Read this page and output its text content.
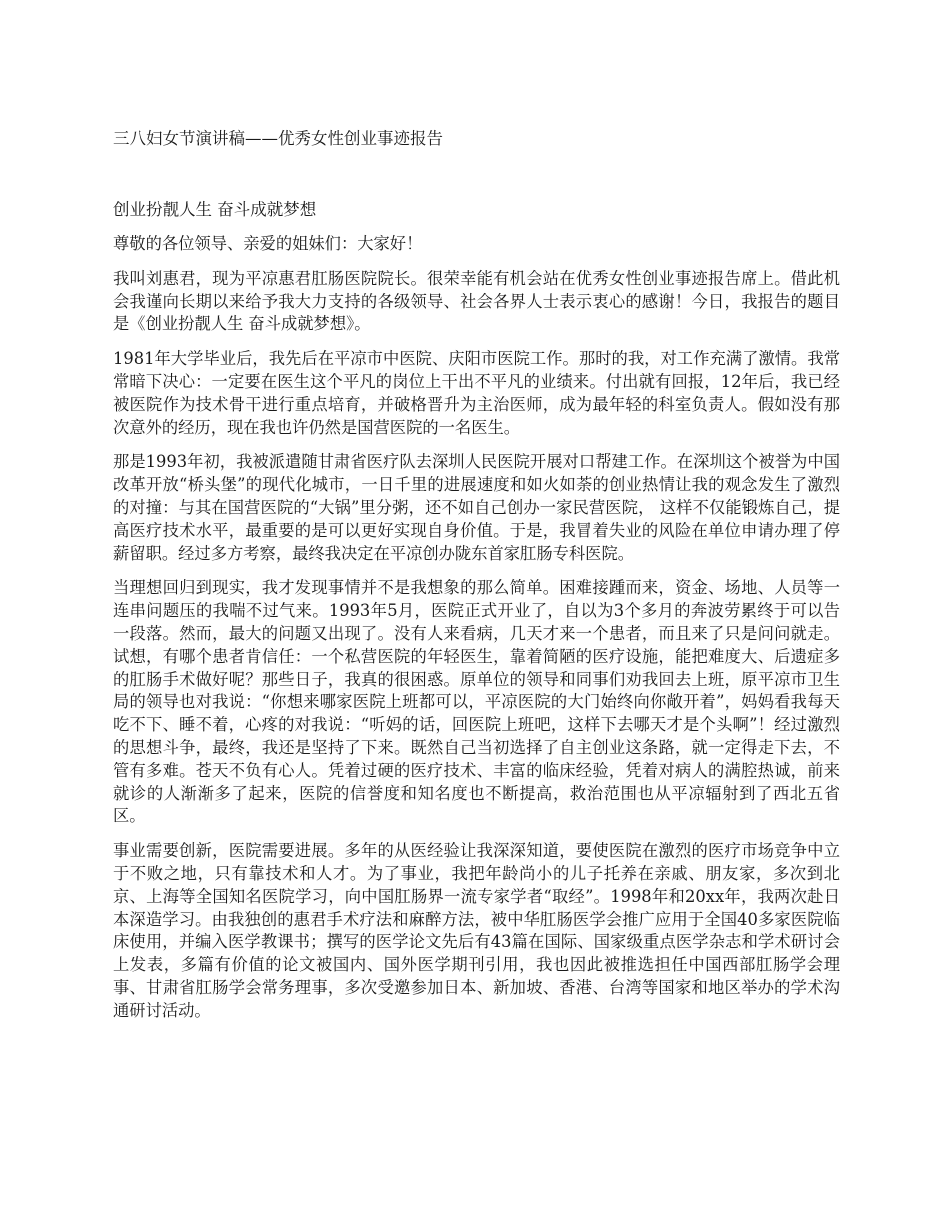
三八妇女节演讲稿——优秀女性创业事迹报告
创业扮靓人生 奋斗成就梦想

尊敬的各位领导、亲爱的姐妹们：大家好！

我叫刘惠君，现为平凉惠君肛肠医院院长。很荣幸能有机会站在优秀女性创业事迹报告席上。借此机会我谨向长期以来给予我大力支持的各级领导、社会各界人士表示衷心的感谢！今日，我报告的题目是《创业扮靓人生 奋斗成就梦想》。

1981年大学毕业后，我先后在平凉市中医院、庆阳市医院工作。那时的我，对工作充满了激情。我常常暗下决心：一定要在医生这个平凡的岗位上干出不平凡的业绩来。付出就有回报，12年后，我已经被医院作为技术骨干进行重点培育，并破格晋升为主治医师，成为最年轻的科室负责人。假如没有那次意外的经历，现在我也许仍然是国营医院的一名医生。

那是1993年初，我被派遣随甘肃省医疗队去深圳人民医院开展对口帮建工作。在深圳这个被誉为中国改革开放“桥头堡”的现代化城市，一日千里的进展速度和如火如荼的创业热情让我的观念发生了激烈的对撞：与其在国营医院的“大锅”里分粥，还不如自己创办一家民营医院， 这样不仅能锻炼自己，提高医疗技术水平，最重要的是可以更好实现自身价值。于是，我冒着失业的风险在单位申请办理了停薪留职。经过多方考察，最终我决定在平凉创办陇东首家肛肠专科医院。

当理想回归到现实，我才发现事情并不是我想象的那么简单。困难接踵而来，资金、场地、人员等一连串问题压的我喘不过气来。1993年5月，医院正式开业了，自以为3个多月的奔波劳累终于可以告一段落。然而，最大的问题又出现了。没有人来看病，几天才来一个患者，而且来了只是问问就走。试想，有哪个患者肯信任：一个私营医院的年轻医生，靠着简陋的医疗设施，能把难度大、后遗症多的肛肠手术做好呢？那些日子，我真的很困惑。原单位的领导和同事们劝我回去上班，原平凉市卫生局的领导也对我说：“你想来哪家医院上班都可以，平凉医院的大门始终向你敞开着”，妈妈看我每天吃不下、睡不着，心疼的对我说：“听妈的话，回医院上班吧，这样下去哪天才是个头啊”！经过激烈的思想斗争，最终，我还是坚持了下来。既然自己当初选择了自主创业这条路，就一定得走下去，不管有多难。苍天不负有心人。凭着过硬的医疗技术、丰富的临床经验，凭着对病人的满腔热诚，前来就诊的人渐渐多了起来，医院的信誉度和知名度也不断提高，救治范围也从平凉辐射到了西北五省区。

事业需要创新，医院需要进展。多年的从医经验让我深深知道，要使医院在激烈的医疗市场竞争中立于不败之地，只有靠技术和人才。为了事业，我把年龄尚小的儿子托养在亲戚、朋友家，多次到北京、上海等全国知名医院学习，向中国肛肠界一流专家学者“取经”。1998年和20xx年，我两次赴日本深造学习。由我独创的惠君手术疗法和麻醉方法，被中华肛肠医学会推广应用于全国40多家医院临床使用，并编入医学教课书；撰写的医学论文先后有43篇在国际、国家级重点医学杂志和学术研讨会上发表，多篇有价值的论文被国内、国外医学期刊引用，我也因此被推选担任中国西部肛肠学会理事、甘肃省肛肠学会常务理事，多次受邀参加日本、新加坡、香港、台湾等国家和地区举办的学术沟通研讨活动。
